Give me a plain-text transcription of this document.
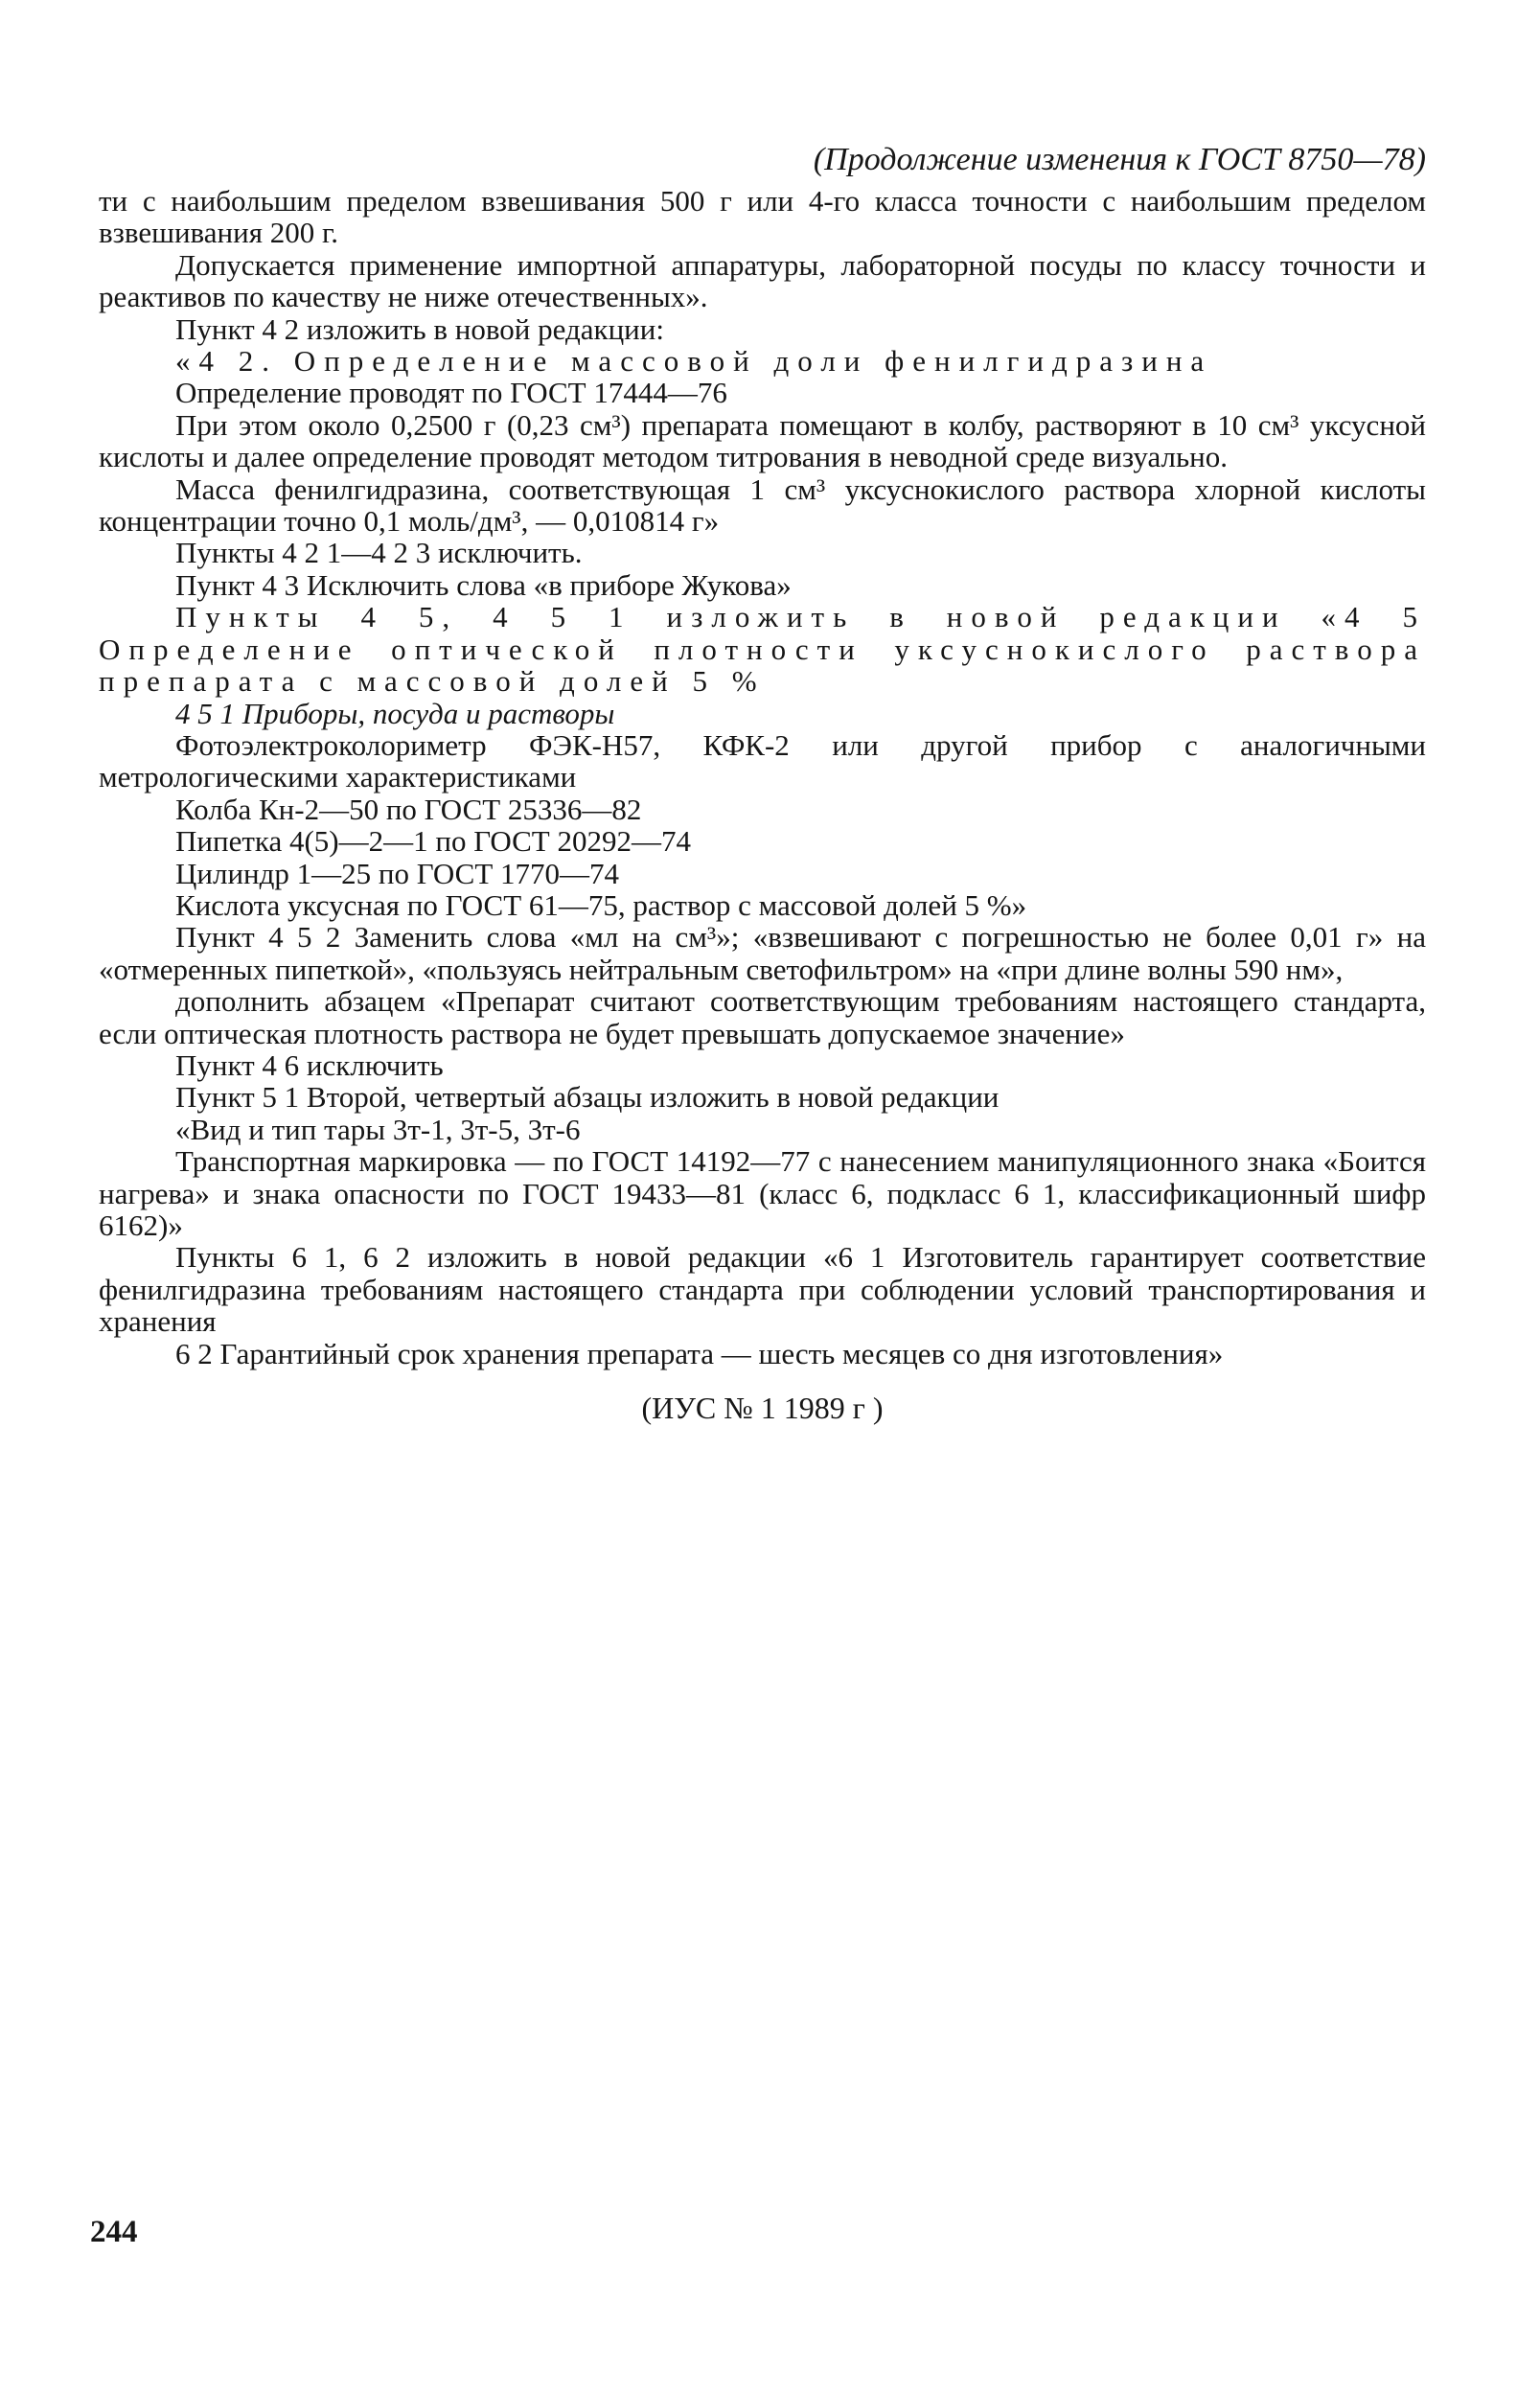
(Продолжение изменения к ГОСТ 8750—78)

ти с наибольшим пределом взвешивания 500 г или 4-го класса точности с наибольшим пределом взвешивания 200 г.

Допускается применение импортной аппаратуры, лабораторной посуды по классу точности и реактивов по качеству не ниже отечественных».

Пункт 4 2 изложить в новой редакции:

«4 2. Определение массовой доли фенилгидразина

Определение проводят по ГОСТ 17444—76

При этом около 0,2500 г (0,23 см³) препарата помещают в колбу, растворяют в 10 см³ уксусной кислоты и далее определение проводят методом титрования в неводной среде визуально.

Масса фенилгидразина, соответствующая 1 см³ уксуснокислого раствора хлорной кислоты концентрации точно 0,1 моль/дм³, — 0,010814 г»

Пункты 4 2 1—4 2 3 исключить.

Пункт 4 3 Исключить слова «в приборе Жукова»

Пункты 4 5, 4 5 1 изложить в новой редакции «4 5 Определение оптической плотности уксуснокислого раствора препарата с массовой долей 5 %

4 5 1 Приборы, посуда и растворы

Фотоэлектроколориметр ФЭК-Н57, КФК-2 или другой прибор с аналогичными метрологическими характеристиками

Колба Кн-2—50 по ГОСТ 25336—82

Пипетка 4(5)—2—1 по ГОСТ 20292—74

Цилиндр 1—25 по ГОСТ 1770—74

Кислота уксусная по ГОСТ 61—75, раствор с массовой долей 5 %»

Пункт 4 5 2 Заменить слова «мл на см³»; «взвешивают с погрешностью не более 0,01 г» на «отмеренных пипеткой», «пользуясь нейтральным светофильтром» на «при длине волны 590 нм»,

дополнить абзацем «Препарат считают соответствующим требованиям настоящего стандарта, если оптическая плотность раствора не будет превышать допускаемое значение»

Пункт 4 6 исключить

Пункт 5 1 Второй, четвертый абзацы изложить в новой редакции

«Вид и тип тары 3т-1, 3т-5, 3т-6

Транспортная маркировка — по ГОСТ 14192—77 с нанесением манипуляционного знака «Боится нагрева» и знака опасности по ГОСТ 19433—81 (класс 6, подкласс 6 1, классификационный шифр 6162)»

Пункты 6 1, 6 2 изложить в новой редакции «6 1 Изготовитель гарантирует соответствие фенилгидразина требованиям настоящего стандарта при соблюдении условий транспортирования и хранения

6 2 Гарантийный срок хранения препарата — шесть месяцев со дня изготовления»

(ИУС № 1 1989 г )
244
